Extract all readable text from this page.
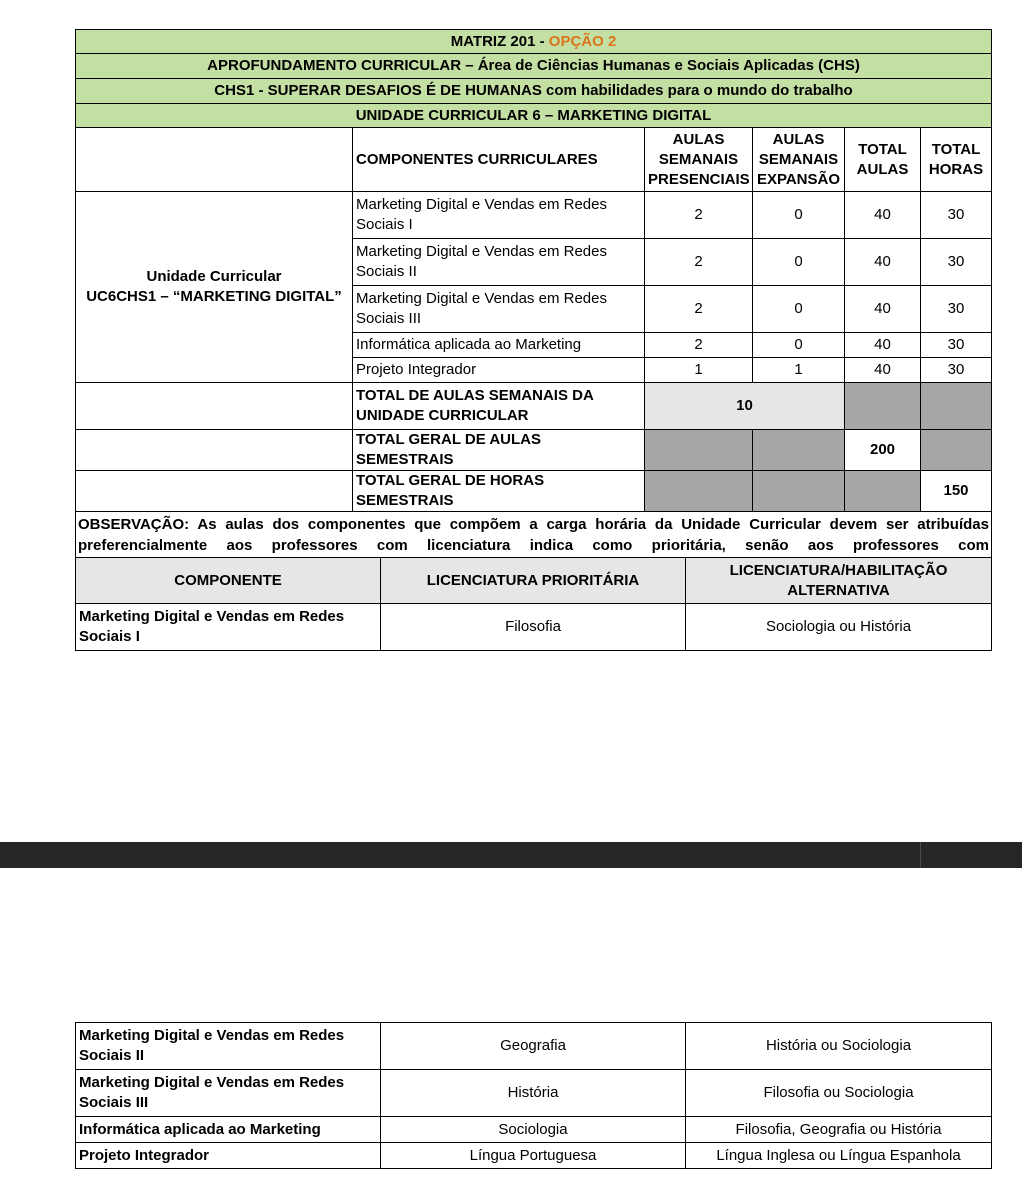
MATRIZ 201 - OPÇÃO 2					
APROFUNDAMENTO CURRICULAR – Área de Ciências Humanas e Sociais Aplicadas (CHS)					
CHS1 - SUPERAR DESAFIOS É DE HUMANAS com habilidades para o mundo do trabalho					
UNIDADE CURRICULAR 6 – MARKETING DIGITAL					
	COMPONENTES CURRICULARES	AULAS SEMANAIS PRESENCIAIS	AULAS SEMANAIS EXPANSÃO	TOTAL AULAS	TOTAL HORAS

Unidade Curricular
UC6CHS1 – “MARKETING DIGITAL”	Marketing Digital e Vendas em Redes Sociais I	2	0	40	30
	Marketing Digital e Vendas em Redes Sociais II	2	0	40	30
	Marketing Digital e Vendas em Redes Sociais III	2	0	40	30
	Informática aplicada ao Marketing	2	0	40	30
	Projeto Integrador	1	1	40	30
	TOTAL DE AULAS SEMANAIS DA UNIDADE CURRICULAR	10			
	TOTAL GERAL DE AULAS SEMESTRAIS			200	
	TOTAL GERAL DE HORAS SEMESTRAIS				150
OBSERVAÇÃO: As aulas dos componentes que compõem a carga horária da Unidade Curricular devem ser atribuídas preferencialmente aos professores com licenciatura indica como prioritária, senão aos professores com licenciatura/habilitação indicada como alternativa, conforme segue:					
COMPONENTE	LICENCIATURA PRIORITÁRIA	LICENCIATURA/HABILITAÇÃO ALTERNATIVA
Marketing Digital e Vendas em Redes Sociais I	Filosofia	Sociologia ou História
Marketing Digital e Vendas em Redes Sociais II	Geografia	História ou Sociologia
Marketing Digital e Vendas em Redes Sociais III	História	Filosofia ou Sociologia
Informática aplicada ao Marketing	Sociologia	Filosofia, Geografia ou História
Projeto Integrador	Língua Portuguesa	Língua Inglesa ou Língua Espanhola
